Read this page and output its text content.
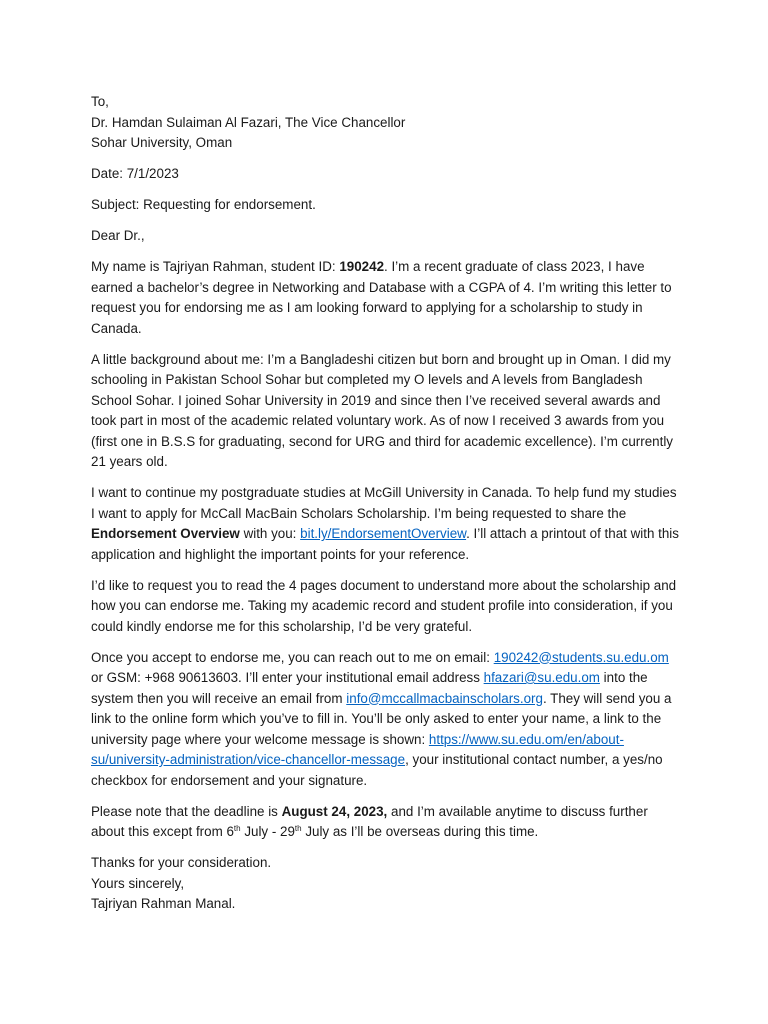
To,

Dr. Hamdan Sulaiman Al Fazari, The Vice Chancellor

Sohar University, Oman

Date: 7/1/2023

Subject: Requesting for endorsement.

Dear Dr.,

My name is Tajriyan Rahman, student ID: 190242. I’m a recent graduate of class 2023, I have earned a bachelor’s degree in Networking and Database with a CGPA of 4. I’m writing this letter to request you for endorsing me as I am looking forward to applying for a scholarship to study in Canada.

A little background about me: I’m a Bangladeshi citizen but born and brought up in Oman. I did my schooling in Pakistan School Sohar but completed my O levels and A levels from Bangladesh School Sohar. I joined Sohar University in 2019 and since then I’ve received several awards and took part in most of the academic related voluntary work. As of now I received 3 awards from you (first one in B.S.S for graduating, second for URG and third for academic excellence). I’m currently 21 years old.

I want to continue my postgraduate studies at McGill University in Canada. To help fund my studies I want to apply for McCall MacBain Scholars Scholarship. I’m being requested to share the Endorsement Overview with you: bit.ly/EndorsementOverview. I’ll attach a printout of that with this application and highlight the important points for your reference.

I’d like to request you to read the 4 pages document to understand more about the scholarship and how you can endorse me. Taking my academic record and student profile into consideration, if you could kindly endorse me for this scholarship, I’d be very grateful.

Once you accept to endorse me, you can reach out to me on email: 190242@students.su.edu.om or GSM: +968 90613603. I’ll enter your institutional email address hfazari@su.edu.om into the system then you will receive an email from info@mccallmacbainscholars.org. They will send you a link to the online form which you’ve to fill in. You’ll be only asked to enter your name, a link to the university page where your welcome message is shown: https://www.su.edu.om/en/about-su/university-administration/vice-chancellor-message, your institutional contact number, a yes/no checkbox for endorsement and your signature.

Please note that the deadline is August 24, 2023, and I’m available anytime to discuss further about this except from 6th July - 29th July as I’ll be overseas during this time.

Thanks for your consideration.

Yours sincerely,

Tajriyan Rahman Manal.
